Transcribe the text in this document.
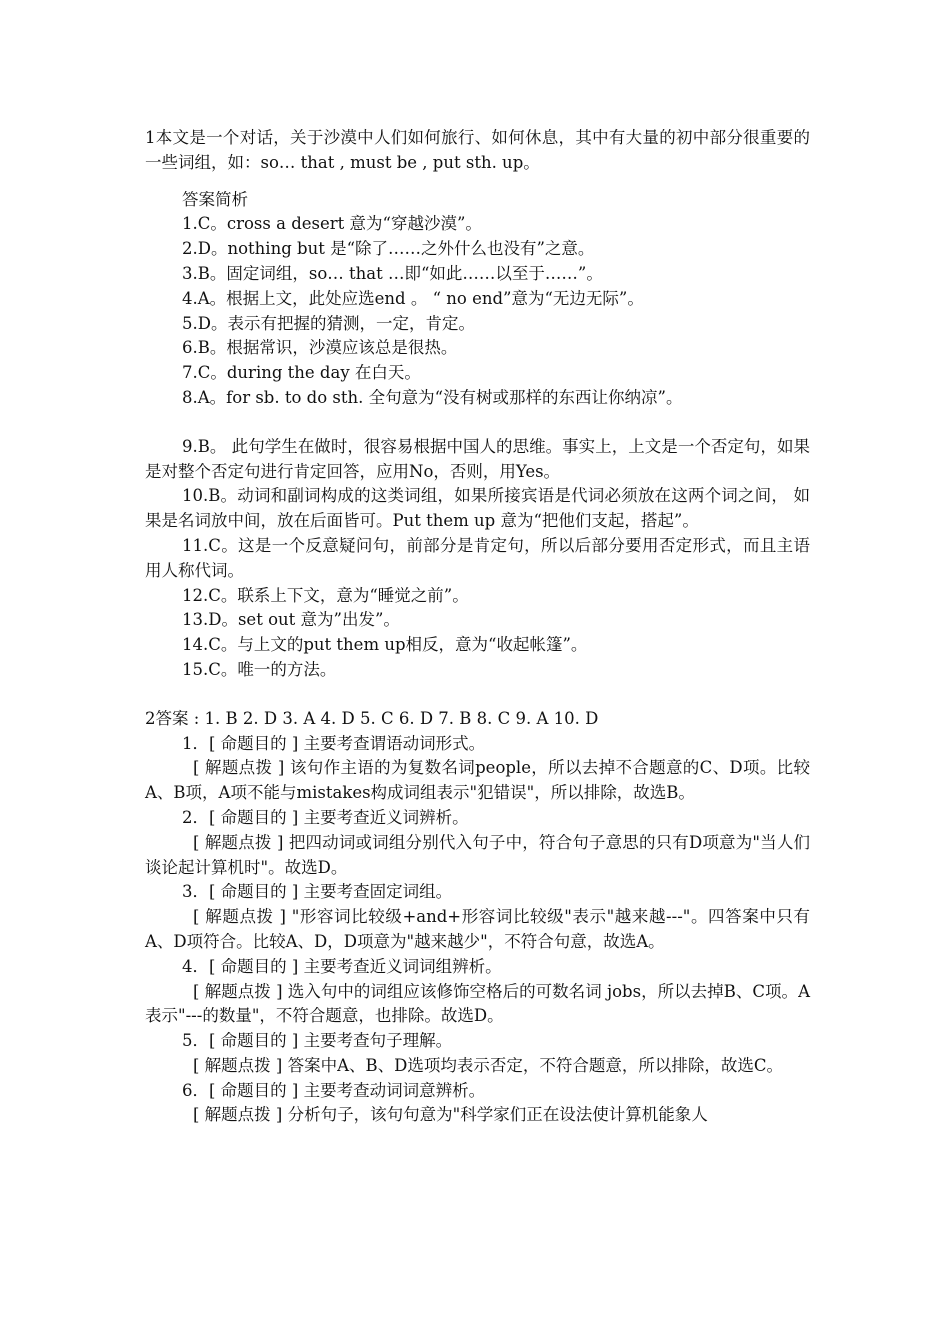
1本文是一个对话，关于沙漠中人们如何旅行、如何休息，其中有大量的初中部分很重要的一些词组，如：so… that , must be , put sth. up。

答案简析

1.C。cross a desert 意为“穿越沙漠”。

2.D。nothing but 是“除了……之外什么也没有”之意。

3.B。固定词组，so… that …即“如此……以至于……”。

4.A。根据上文，此处应选end 。 “ no end”意为“无边无际”。

5.D。表示有把握的猜测，一定，肯定。

6.B。根据常识，沙漠应该总是很热。

7.C。during the day 在白天。

8.A。for sb. to do sth. 全句意为“没有树或那样的东西让你纳凉”。

9.B。 此句学生在做时，很容易根据中国人的思维。事实上，上文是一个否定句，如果是对整个否定句进行肯定回答，应用No，否则，用Yes。

10.B。动词和副词构成的这类词组，如果所接宾语是代词必须放在这两个词之间， 如果是名词放中间，放在后面皆可。Put them up 意为“把他们支起，搭起”。

11.C。这是一个反意疑问句，前部分是肯定句，所以后部分要用否定形式，而且主语用人称代词。

12.C。联系上下文，意为“睡觉之前”。

13.D。set out 意为”出发”。

14.C。与上文的put them up相反，意为“收起帐篷”。

15.C。唯一的方法。

2答案 : 1. B 2. D 3. A 4. D 5. C 6. D 7. B 8. C 9. A 10. D

1．[ 命题目的 ] 主要考查谓语动词形式。

[ 解题点拨 ] 该句作主语的为复数名词people，所以去掉不合题意的C、D项。比较A、B项，A项不能与mistakes构成词组表示"犯错误"，所以排除，故选B。

2．[ 命题目的 ] 主要考查近义词辨析。

[ 解题点拨 ] 把四动词或词组分别代入句子中，符合句子意思的只有D项意为"当人们谈论起计算机时"。故选D。

3．[ 命题目的 ] 主要考查固定词组。

[ 解题点拨 ] "形容词比较级+and+形容词比较级"表示"越来越---"。四答案中只有A、D项符合。比较A、D，D项意为"越来越少"，不符合句意，故选A。

4．[ 命题目的 ] 主要考查近义词词组辨析。

[ 解题点拨 ] 选入句中的词组应该修饰空格后的可数名词 jobs，所以去掉B、C项。A表示"---的数量"，不符合题意，也排除。故选D。

5．[ 命题目的 ] 主要考查句子理解。

[ 解题点拨 ] 答案中A、B、D选项均表示否定，不符合题意，所以排除，故选C。

6．[ 命题目的 ] 主要考查动词词意辨析。

[ 解题点拨 ] 分析句子，该句句意为"科学家们正在设法使计算机能象人
